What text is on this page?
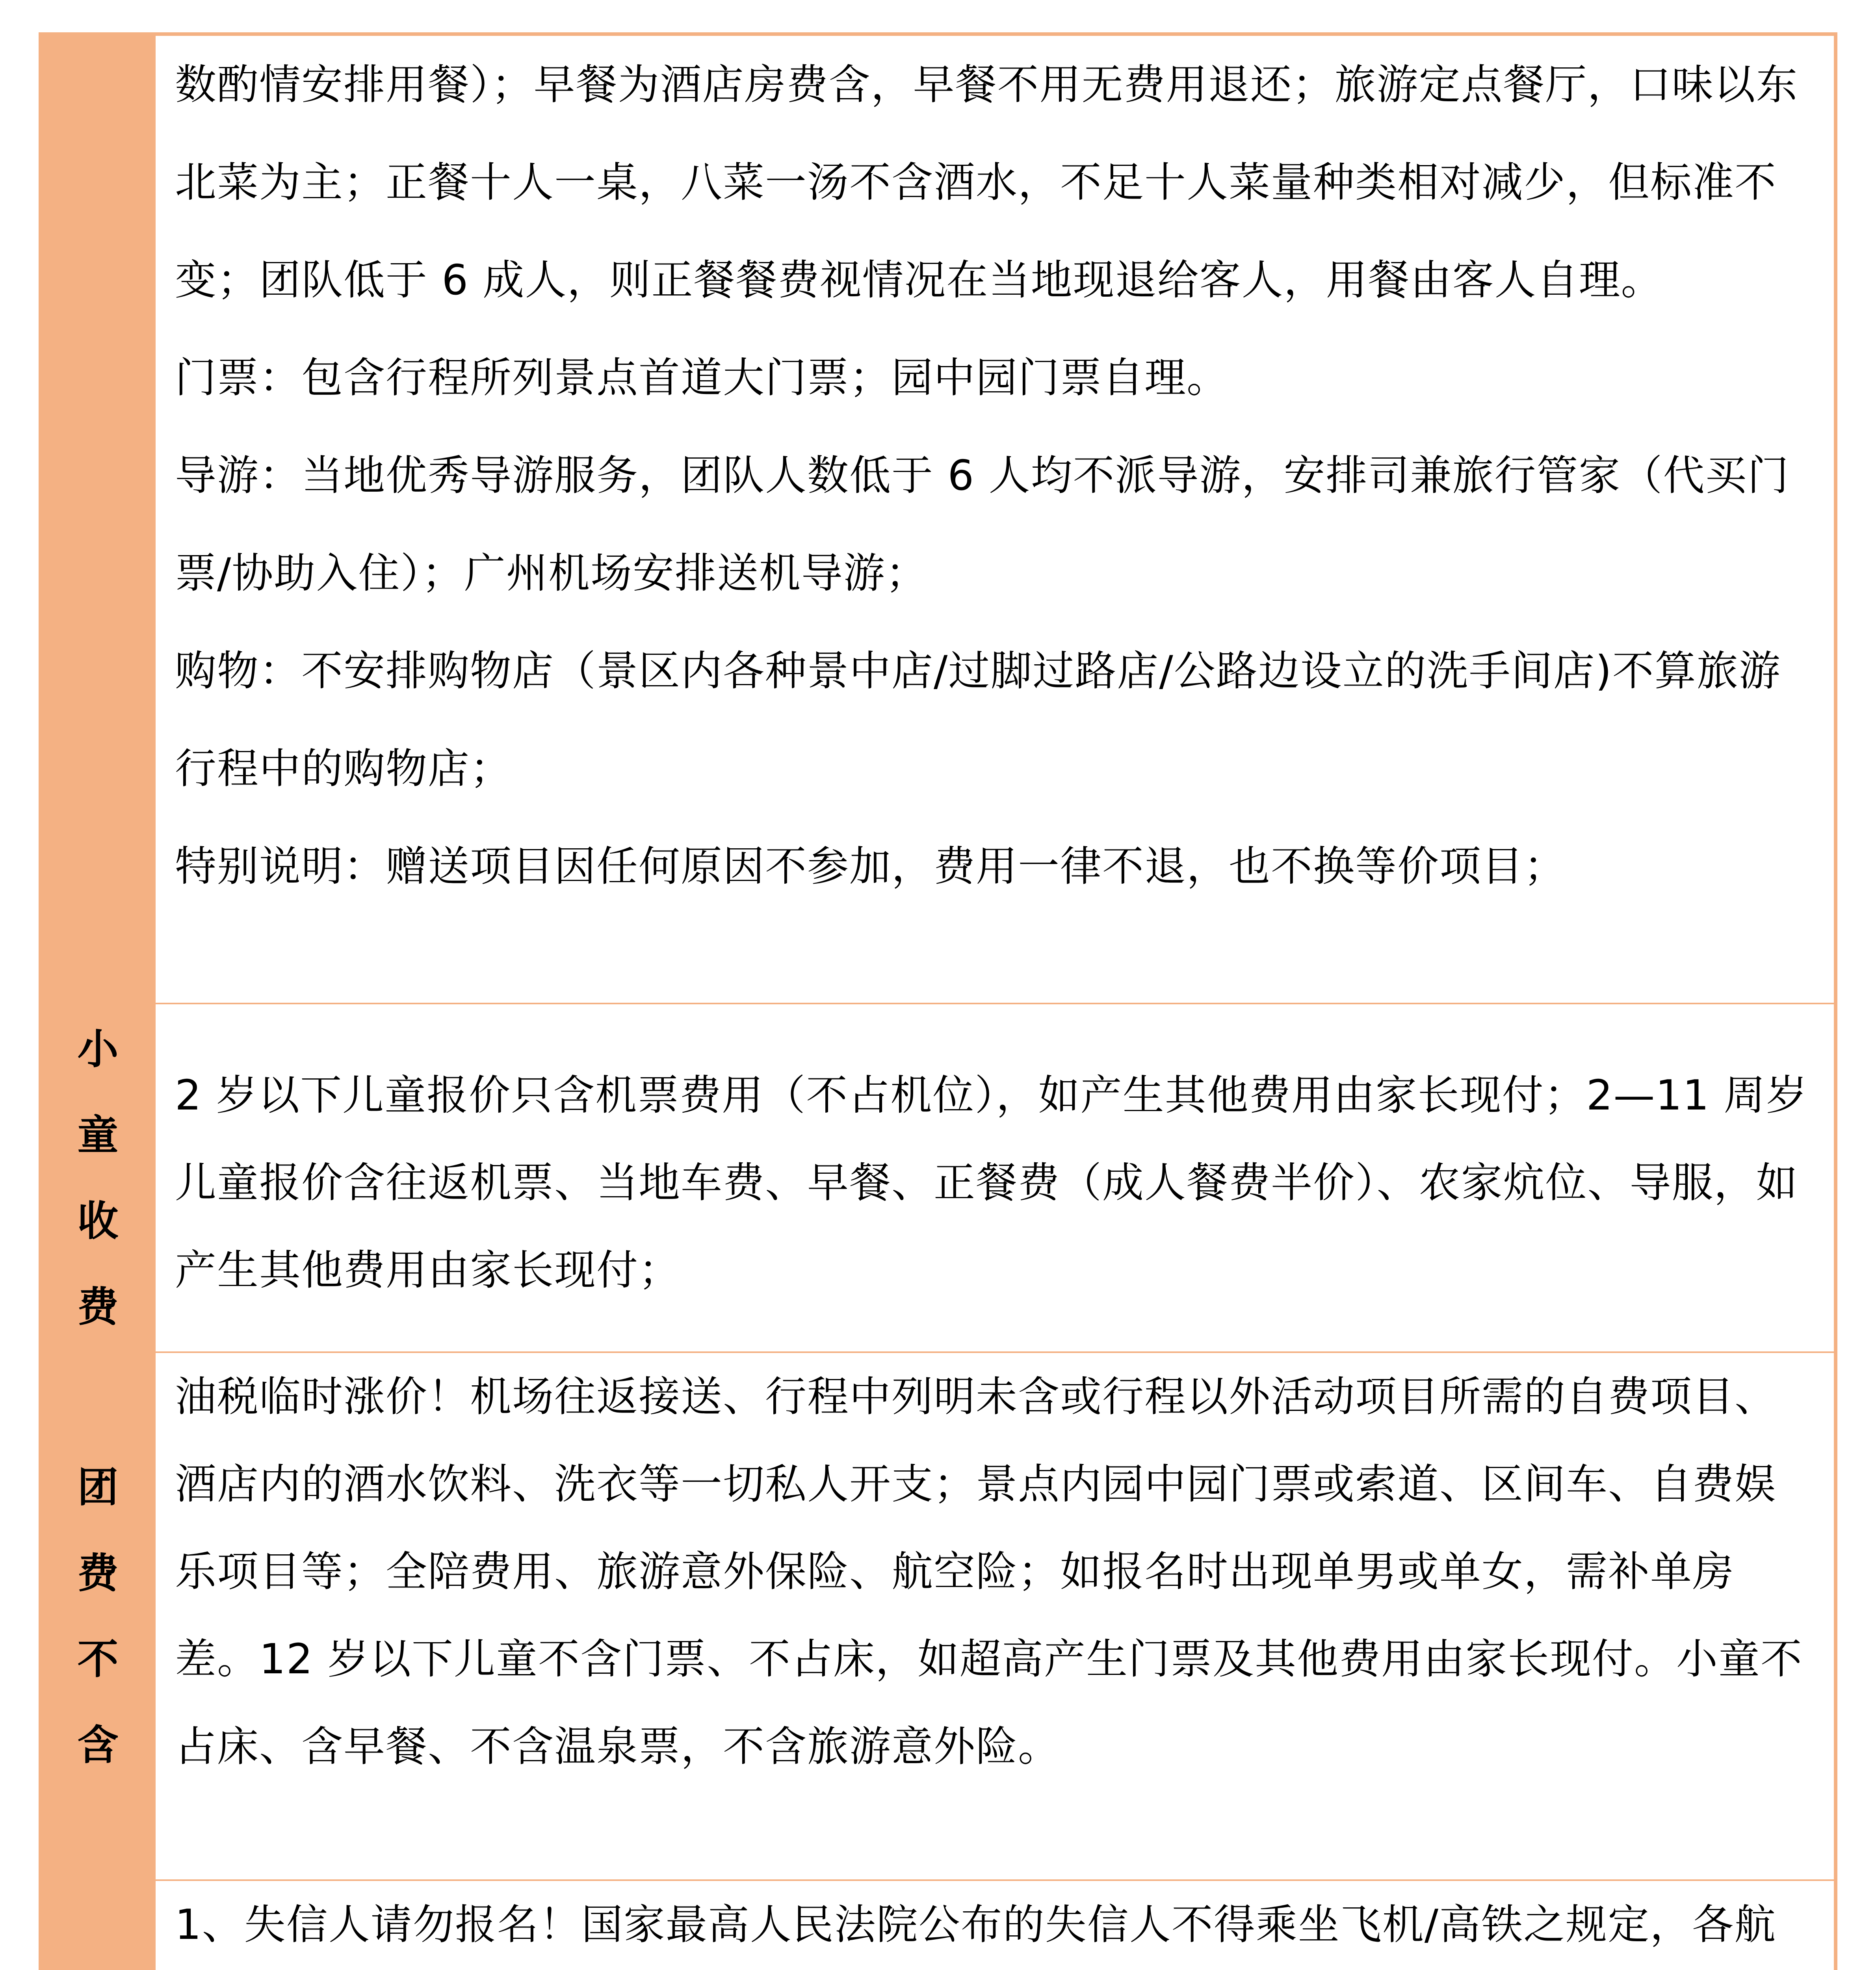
数酌情安排用餐）；早餐为酒店房费含，早餐不用无费用退还；旅游定点餐厅，口味以东北菜为主；正餐十人一桌，八菜一汤不含酒水，不足十人菜量种类相对减少，但标准不变；团队低于 6 成人，则正餐餐费视情况在当地现退给客人，用餐由客人自理。

门票：包含行程所列景点首道大门票；园中园门票自理。

导游：当地优秀导游服务，团队人数低于 6 人均不派导游，安排司兼旅行管家（代买门票/协助入住）；广州机场安排送机导游；

购物：不安排购物店（景区内各种景中店/过脚过路店/公路边设立的洗手间店)不算旅游行程中的购物店；

特别说明：赠送项目因任何原因不参加，费用一律不退，也不换等价项目；

小童收费

2 岁以下儿童报价只含机票费用（不占机位），如产生其他费用由家长现付；2—11 周岁儿童报价含往返机票、当地车费、早餐、正餐费（成人餐费半价）、农家炕位、导服，如产生其他费用由家长现付；

团费不含

油税临时涨价！机场往返接送、行程中列明未含或行程以外活动项目所需的自费项目、酒店内的酒水饮料、洗衣等一切私人开支；景点内园中园门票或索道、区间车、自费娱乐项目等；全陪费用、旅游意外保险、航空险；如报名时出现单男或单女，需补单房差。12 岁以下儿童不含门票、不占床，如超高产生门票及其他费用由家长现付。小童不占床、含早餐、不含温泉票，不含旅游意外险。

1、失信人请勿报名！国家最高人民法院公布的失信人不得乘坐飞机/高铁之规定，各航
